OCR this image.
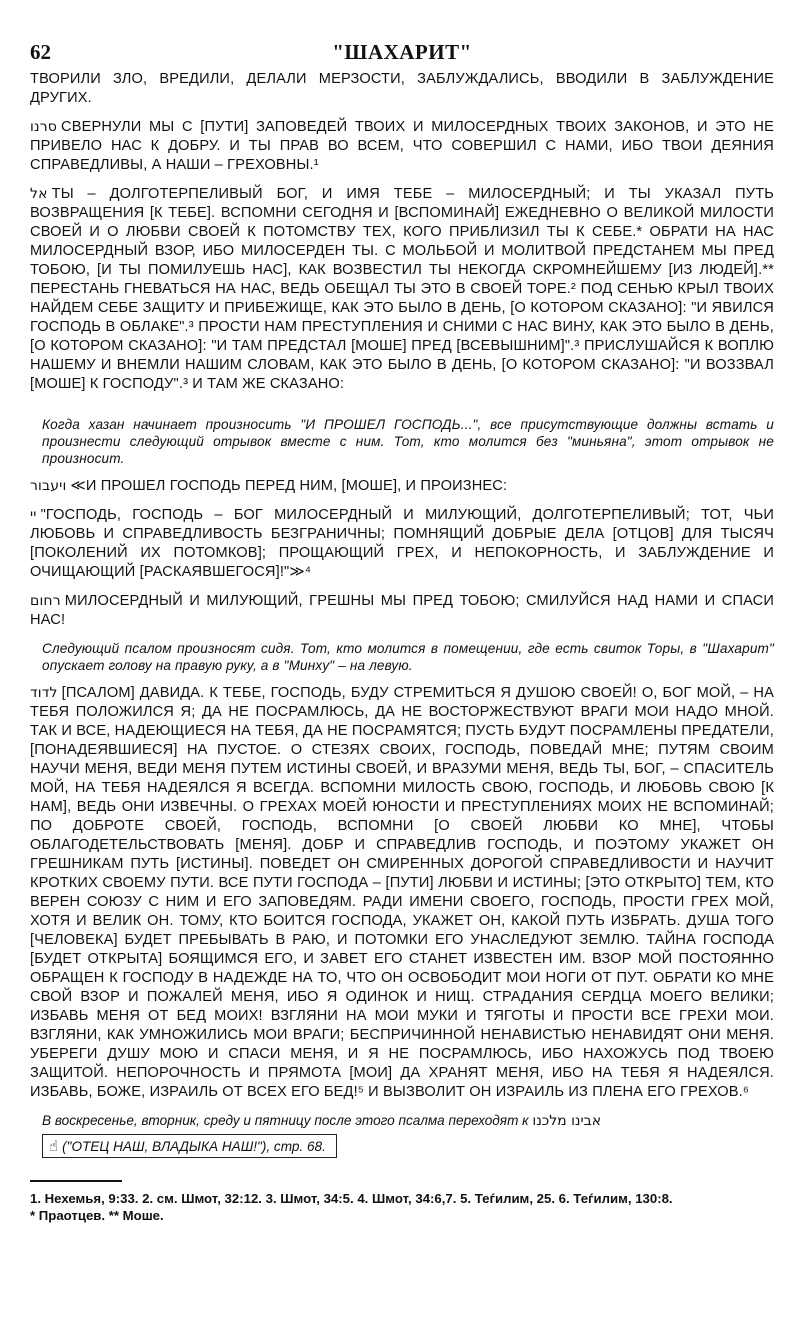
62	"ШАХАРИТ"

ТВОРИЛИ ЗЛО, ВРЕДИЛИ, ДЕЛАЛИ МЕРЗОСТИ, ЗАБЛУЖДАЛИСЬ, ВВОДИЛИ В ЗАБЛУЖДЕНИЕ ДРУГИХ.

סרנו СВЕРНУЛИ МЫ С [ПУТИ] ЗАПОВЕДЕЙ ТВОИХ И МИЛОСЕРДНЫХ ТВОИХ ЗАКОНОВ, И ЭТО НЕ ПРИВЕЛО НАС К ДОБРУ. И ТЫ ПРАВ ВО ВСЕМ, ЧТО СОВЕРШИЛ С НАМИ, ИБО ТВОИ ДЕЯНИЯ СПРАВЕДЛИВЫ, А НАШИ – ГРЕХОВНЫ.¹

אל ТЫ – ДОЛГОТЕРПЕЛИВЫЙ БОГ, И ИМЯ ТЕБЕ – МИЛОСЕРДНЫЙ; И ТЫ УКАЗАЛ ПУТЬ ВОЗВРАЩЕНИЯ [К ТЕБЕ]. ВСПОМНИ СЕГОДНЯ И [ВСПОМИНАЙ] ЕЖЕДНЕВНО О ВЕЛИКОЙ МИЛОСТИ СВОЕЙ И О ЛЮБВИ СВОЕЙ К ПОТОМСТВУ ТЕХ, КОГО ПРИБЛИЗИЛ ТЫ К СЕБЕ.* ОБРАТИ НА НАС МИЛОСЕРДНЫЙ ВЗОР, ИБО МИЛОСЕРДЕН ТЫ. С МОЛЬБОЙ И МОЛИТВОЙ ПРЕДСТАНЕМ МЫ ПРЕД ТОБОЮ, [И ТЫ ПОМИЛУЕШЬ НАС], КАК ВОЗВЕСТИЛ ТЫ НЕКОГДА СКРОМНЕЙШЕМУ [ИЗ ЛЮДЕЙ].** ПЕРЕСТАНЬ ГНЕВАТЬСЯ НА НАС, ВЕДЬ ОБЕЩАЛ ТЫ ЭТО В СВОЕЙ ТОРЕ.² ПОД СЕНЬЮ КРЫЛ ТВОИХ НАЙДЕМ СЕБЕ ЗАЩИТУ И ПРИБЕЖИЩЕ, КАК ЭТО БЫЛО В ДЕНЬ, [О КОТОРОМ СКАЗАНО]: "И ЯВИЛСЯ ГОСПОДЬ В ОБЛАКЕ".³ ПРОСТИ НАМ ПРЕСТУПЛЕНИЯ И СНИМИ С НАС ВИНУ, КАК ЭТО БЫЛО В ДЕНЬ, [О КОТОРОМ СКАЗАНО]: "И ТАМ ПРЕДСТАЛ [МОШЕ] ПРЕД [ВСЕВЫШНИМ]".³ ПРИСЛУШАЙСЯ К ВОПЛЮ НАШЕМУ И ВНЕМЛИ НАШИМ СЛОВАМ, КАК ЭТО БЫЛО В ДЕНЬ, [О КОТОРОМ СКАЗАНО]: "И ВОЗЗВАЛ [МОШЕ] К ГОСПОДУ".³ И ТАМ ЖЕ СКАЗАНО:

Когда хазан начинает произносить "И ПРОШЕЛ ГОСПОДЬ...", все присутствующие должны встать и произнести следующий отрывок вместе с ним. Тот, кто молится без "миньяна", этот отрывок не произносит.

ויעבור ≪И ПРОШЕЛ ГОСПОДЬ ПЕРЕД НИМ, [МОШЕ], И ПРОИЗНЕС:

יי "ГОСПОДЬ, ГОСПОДЬ – БОГ МИЛОСЕРДНЫЙ И МИЛУЮЩИЙ, ДОЛГОТЕРПЕЛИВЫЙ; ТОТ, ЧЬИ ЛЮБОВЬ И СПРАВЕДЛИВОСТЬ БЕЗГРАНИЧНЫ; ПОМНЯЩИЙ ДОБРЫЕ ДЕЛА [ОТЦОВ] ДЛЯ ТЫСЯЧ [ПОКОЛЕНИЙ ИХ ПОТОМКОВ]; ПРОЩАЮЩИЙ ГРЕХ, И НЕПОКОРНОСТЬ, И ЗАБЛУЖДЕНИЕ И ОЧИЩАЮЩИЙ [РАСКАЯВШЕГОСЯ]!"≫⁴

רחום МИЛОСЕРДНЫЙ И МИЛУЮЩИЙ, ГРЕШНЫ МЫ ПРЕД ТОБОЮ; СМИЛУЙСЯ НАД НАМИ И СПАСИ НАС!

Следующий псалом произносят сидя. Тот, кто молится в помещении, где есть свиток Торы, в "Шахарит" опускает голову на правую руку, а в "Минху" – на левую.

לדוד [ПСАЛОМ] ДАВИДА. К ТЕБЕ, ГОСПОДЬ, БУДУ СТРЕМИТЬСЯ Я ДУШОЮ СВОЕЙ! О, БОГ МОЙ, – НА ТЕБЯ ПОЛОЖИЛСЯ Я; ДА НЕ ПОСРАМЛЮСЬ, ДА НЕ ВОСТОРЖЕСТВУЮТ ВРАГИ МОИ НАДО МНОЙ. ТАК И ВСЕ, НАДЕЮЩИЕСЯ НА ТЕБЯ, ДА НЕ ПОСРАМЯТСЯ; ПУСТЬ БУДУТ ПОСРАМЛЕНЫ ПРЕДАТЕЛИ, [ПОНАДЕЯВШИЕСЯ] НА ПУСТОЕ. О СТЕЗЯХ СВОИХ, ГОСПОДЬ, ПОВЕДАЙ МНЕ; ПУТЯМ СВОИМ НАУЧИ МЕНЯ, ВЕДИ МЕНЯ ПУТЕМ ИСТИНЫ СВОЕЙ, И ВРАЗУМИ МЕНЯ, ВЕДЬ ТЫ, БОГ, – СПАСИТЕЛЬ МОЙ, НА ТЕБЯ НАДЕЯЛСЯ Я ВСЕГДА. ВСПОМНИ МИЛОСТЬ СВОЮ, ГОСПОДЬ, И ЛЮБОВЬ СВОЮ [К НАМ], ВЕДЬ ОНИ ИЗВЕЧНЫ. О ГРЕХАХ МОЕЙ ЮНОСТИ И ПРЕСТУПЛЕНИЯХ МОИХ НЕ ВСПОМИНАЙ; ПО ДОБРОТЕ СВОЕЙ, ГОСПОДЬ, ВСПОМНИ [О СВОЕЙ ЛЮБВИ КО МНЕ], ЧТОБЫ ОБЛАГОДЕТЕЛЬСТВОВАТЬ [МЕНЯ]. ДОБР И СПРАВЕДЛИВ ГОСПОДЬ, И ПОЭТОМУ УКАЖЕТ ОН ГРЕШНИКАМ ПУТЬ [ИСТИНЫ]. ПОВЕДЕТ ОН СМИРЕННЫХ ДОРОГОЙ СПРАВЕДЛИВОСТИ И НАУЧИТ КРОТКИХ СВОЕМУ ПУТИ. ВСЕ ПУТИ ГОСПОДА – [ПУТИ] ЛЮБВИ И ИСТИНЫ; [ЭТО ОТКРЫТО] ТЕМ, КТО ВЕРЕН СОЮЗУ С НИМ И ЕГО ЗАПОВЕДЯМ. РАДИ ИМЕНИ СВОЕГО, ГОСПОДЬ, ПРОСТИ ГРЕХ МОЙ, ХОТЯ И ВЕЛИК ОН. ТОМУ, КТО БОИТСЯ ГОСПОДА, УКАЖЕТ ОН, КАКОЙ ПУТЬ ИЗБРАТЬ. ДУША ТОГО [ЧЕЛОВЕКА] БУДЕТ ПРЕБЫВАТЬ В РАЮ, И ПОТОМКИ ЕГО УНАСЛЕДУЮТ ЗЕМЛЮ. ТАЙНА ГОСПОДА [БУДЕТ ОТКРЫТА] БОЯЩИМСЯ ЕГО, И ЗАВЕТ ЕГО СТАНЕТ ИЗВЕСТЕН ИМ. ВЗОР МОЙ ПОСТОЯННО ОБРАЩЕН К ГОСПОДУ В НАДЕЖДЕ НА ТО, ЧТО ОН ОСВОБОДИТ МОИ НОГИ ОТ ПУТ. ОБРАТИ КО МНЕ СВОЙ ВЗОР И ПОЖАЛЕЙ МЕНЯ, ИБО Я ОДИНОК И НИЩ. СТРАДАНИЯ СЕРДЦА МОЕГО ВЕЛИКИ; ИЗБАВЬ МЕНЯ ОТ БЕД МОИХ! ВЗГЛЯНИ НА МОИ МУКИ И ТЯГОТЫ И ПРОСТИ ВСЕ ГРЕХИ МОИ. ВЗГЛЯНИ, КАК УМНОЖИЛИСЬ МОИ ВРАГИ; БЕСПРИЧИННОЙ НЕНАВИСТЬЮ НЕНАВИДЯТ ОНИ МЕНЯ. УБЕРЕГИ ДУШУ МОЮ И СПАСИ МЕНЯ, И Я НЕ ПОСРАМЛЮСЬ, ИБО НАХОЖУСЬ ПОД ТВОЕЮ ЗАЩИТОЙ. НЕПОРОЧНОСТЬ И ПРЯМОТА [МОИ] ДА ХРАНЯТ МЕНЯ, ИБО НА ТЕБЯ Я НАДЕЯЛСЯ. ИЗБАВЬ, БОЖЕ, ИЗРАИЛЬ ОТ ВСЕХ ЕГО БЕД!⁵ И ВЫЗВОЛИТ ОН ИЗРАИЛЬ ИЗ ПЛЕНА ЕГО ГРЕХОВ.⁶

В воскресенье, вторник, среду и пятницу после этого псалма переходят к אבינו מלכנו
☝ ("ОТЕЦ НАШ, ВЛАДЫКА НАШ!"), стр. 68.
1. Нехемья, 9:33. 2. см. Шмот, 32:12. 3. Шмот, 34:5. 4. Шмот, 34:6,7. 5. Теѓилим, 25. 6. Теѓилим, 130:8.
* Праотцев. ** Моше.
